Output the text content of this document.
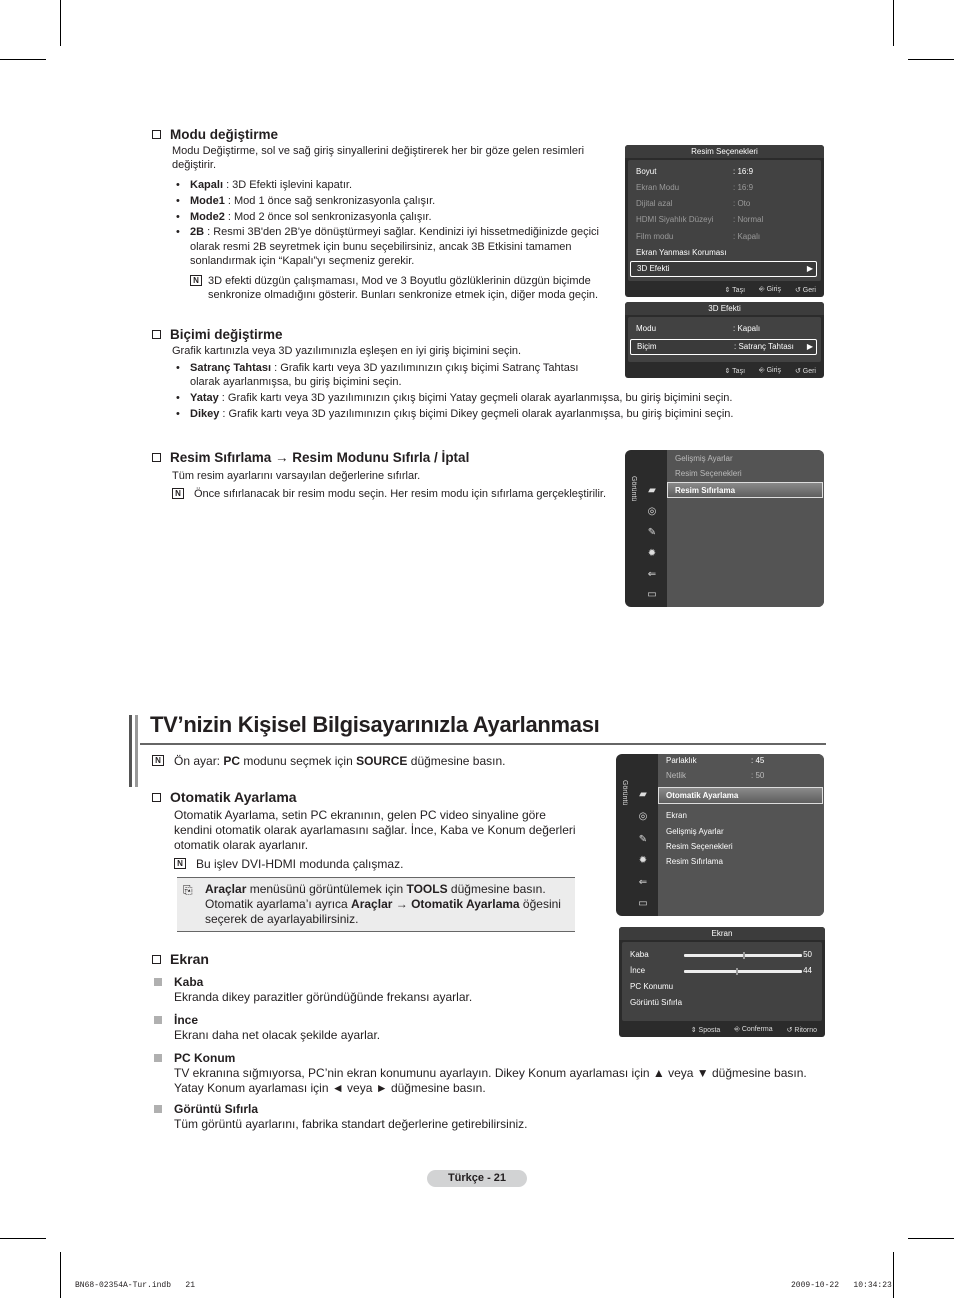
Modu değiştirme
Modu Değiştirme, sol ve sağ giriş sinyallerini değiştirerek her bir göze gelen resimleri değiştirir.
• Kapalı : 3D Efekti işlevini kapatır.
• Mode1 : Mod 1 önce sağ senkronizasyonla çalışır.
• Mode2 : Mod 2 önce sol senkronizasyonla çalışır.
• 2B : Resmi 3B'den 2B'ye dönüştürmeyi sağlar. Kendinizi iyi hissetmediğinizde geçici olarak resmi 2B seyretmek için bunu seçebilirsiniz, ancak 3B Etkisini tamamen sonlandırmak için “Kapalı”yı seçmeniz gerekir.
N 3D efekti düzgün çalışmaması, Mod ve 3 Boyutlu gözlüklerinin düzgün biçimde senkronize olmadığını gösterir. Bunları senkronize etmek için, diğer moda geçin.
Biçimi değiştirme
Grafik kartınızla veya 3D yazılımınızla eşleşen en iyi giriş biçimini seçin.
• Satranç Tahtası : Grafik kartı veya 3D yazılımınızın çıkış biçimi Satranç Tahtası olarak ayarlanmışsa, bu giriş biçimini seçin.
• Yatay : Grafik kartı veya 3D yazılımınızın çıkış biçimi Yatay geçmeli olarak ayarlanmışsa, bu giriş biçimini seçin.
• Dikey : Grafik kartı veya 3D yazılımınızın çıkış biçimi Dikey geçmeli olarak ayarlanmışsa, bu giriş biçimini seçin.
Resim Sıfırlama → Resim Modunu Sıfırla / İptal
Tüm resim ayarlarını varsayılan değerlerine sıfırlar.
N Önce sıfırlanacak bir resim modu seçin. Her resim modu için sıfırlama gerçekleştirilir.
Resim Seçenekleri
Boyut	: 16:9
Ekran Modu	: 16:9
Dijital azal	: Oto
HDMI Siyahlık Düzeyi : Normal
Film modu	: Kapalı
Ekran Yanması Koruması
3D Efekti	▶
⇕ Taşı ⎆ Giriş ↺ Geri
3D Efekti
Modu	: Kapalı
Biçim	: Satranç Tahtası ▶
⇕ Taşı ⎆ Giriş ↺ Geri
Görüntü ▰
◎
✎
✹
⇐
▭
Gelişmiş Ayarlar
Resim Seçenekleri
Resim Sıfırlama
TV’nizin Kişisel Bilgisayarınızla Ayarlanması
N Ön ayar: PC modunu seçmek için SOURCE düğmesine basın.
Otomatik Ayarlama
Otomatik Ayarlama, setin PC ekranının, gelen PC video sinyaline göre kendini otomatik olarak ayarlamasını sağlar. İnce, Kaba ve Konum değerleri otomatik olarak ayarlanır.
N Bu işlev DVI-HDMI modunda çalışmaz.
⎘ Araçlar menüsünü görüntülemek için TOOLS düğmesine basın.
Otomatik ayarlama’ı ayrıca Araçlar → Otomatik Ayarlama öğesini
seçerek de ayarlayabilirsiniz.
Ekran
Kaba
Ekranda dikey parazitler göründüğünde frekansı ayarlar.
İnce
Ekranı daha net olacak şekilde ayarlar.
PC Konum
TV ekranına sığmıyorsa, PC’nin ekran konumunu ayarlayın. Dikey Konum ayarlaması için ▲ veya ▼ düğmesine basın. Yatay Konum ayarlaması için ◄ veya ► düğmesine basın.
Görüntü Sıfırla
Tüm görüntü ayarlarını, fabrika standart değerlerine getirebilirsiniz.
Görüntü ▰
◎
✎
✹
⇐
▭
Parlaklık	: 45
Netlik	: 50
Otomatik Ayarlama
Ekran
Gelişmiş Ayarlar
Resim Seçenekleri
Resim Sıfırlama
Ekran
Kaba	50
İnce	44
PC Konumu
Görüntü Sıfırla
⇕ Sposta ⎆ Conferma ↺ Ritorno
Türkçe - 21
BN68-02354A-Tur.indb   21	2009-10-22   10:34:23
